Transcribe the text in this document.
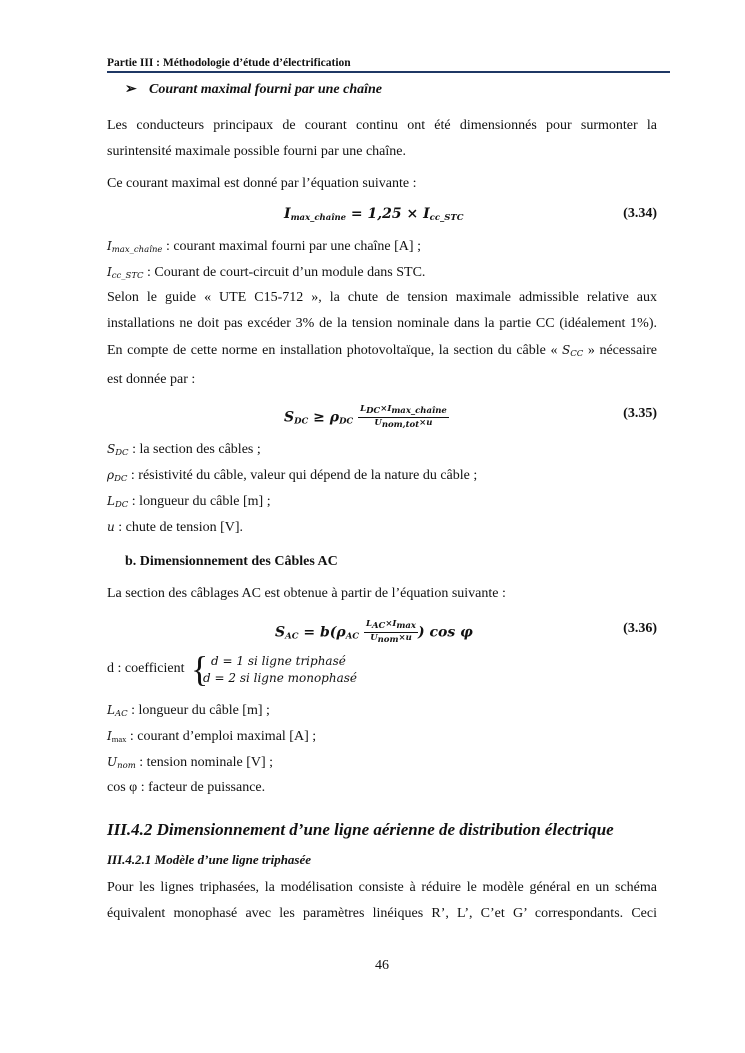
Partie III : Méthodologie d’étude d’électrification
➢ Courant maximal fourni par une chaîne
Les conducteurs principaux de courant continu ont été dimensionnés pour surmonter la surintensité maximale possible fourni par une chaîne.
Ce courant maximal est donné par l’équation suivante :
$I_{max\_chaîne} = 1,25 \times I_{cc\_STC}$	(3.34)
$I_{max\_chaîne}$ : courant maximal fourni par une chaîne [A] ;
$I_{cc\_STC}$ : Courant de court-circuit d’un module dans STC.
Selon le guide « UTE C15-712 », la chute de tension maximale admissible relative aux installations ne doit pas excéder 3% de la tension nominale dans la partie CC (idéalement 1%). En compte de cette norme en installation photovoltaïque, la section du câble « $S_{CC}$ » nécessaire est donnée par :
$S_{DC} \ge \rho_{DC} \frac{\text{LDC×Imax\_chaîne}}{\text{Unom,tot×u}}$	(3.35)
$S_{DC}$ : la section des câbles ;
$\rho_{DC}$ : résistivité du câble, valeur qui dépend de la nature du câble ;
$L_{DC}$ : longueur du câble [m] ;
u : chute de tension [V].
b. Dimensionnement des Câbles AC
La section des câblages AC est obtenue à partir de l’équation suivante :
$S_{AC} = b(\rho_{AC} \frac{\text{LAC×Imax}}{\text{Unom×u}}$ ) cos φ	(3.36)
d : coefficient { d = 1 si ligne triphasé
d = 2 si ligne monophasé
$L_{AC}$ : longueur du câble [m] ;
$I_{max}$ : courant d’emploi maximal [A] ;
$U_{nom}$ : tension nominale [V] ;
cos φ : facteur de puissance.
III.4.2 Dimensionnement d’une ligne aérienne de distribution électrique
III.4.2.1 Modèle d’une ligne triphasée
Pour les lignes triphasées, la modélisation consiste à réduire le modèle général en un schéma équivalent monophasé avec les paramètres linéiques R’, L’, C’et G’ correspondants. Ceci
46
